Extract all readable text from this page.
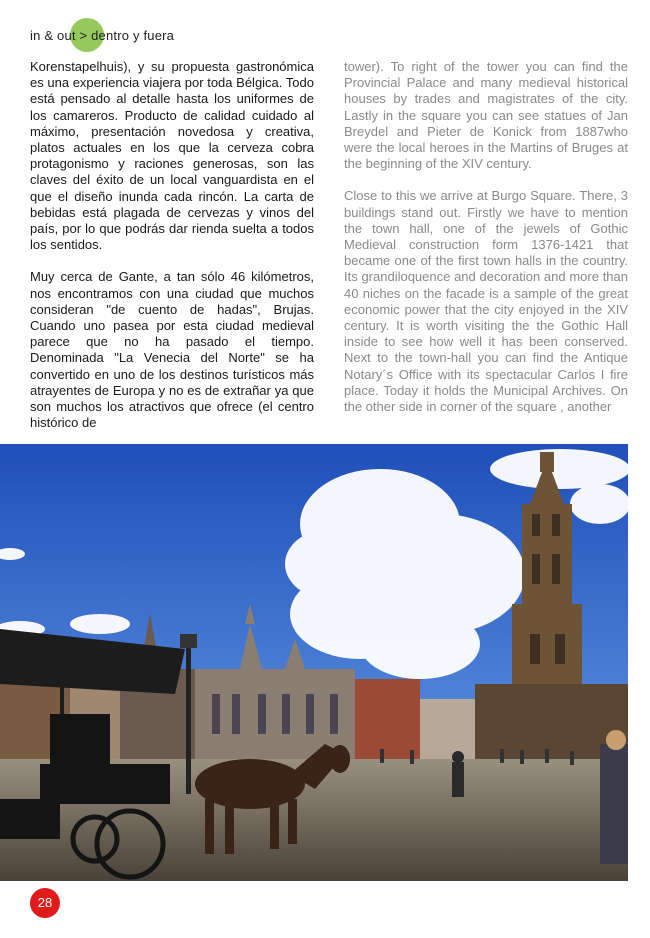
in & out > dentro y fuera

Korenstapelhuis), y su propuesta gastronómica es una experiencia viajera por toda Bélgica. Todo está pensado al detalle hasta los uniformes de los camareros. Producto de calidad cuidado al máximo, presentación novedosa y creativa, platos actuales en los que la cerveza cobra protagonismo y raciones generosas, son las claves del éxito de un local vanguardista en el que el diseño inunda cada rincón. La carta de bebidas está plagada de cervezas y vinos del país, por lo que podrás dar rienda suelta a todos los sentidos.

Muy cerca de Gante, a tan sólo 46 kilómetros, nos encontramos con una ciudad que muchos consideran "de cuento de hadas", Brujas. Cuando uno pasea por esta ciudad medieval parece que no ha pasado el tiempo. Denominada "La Venecia del Norte" se ha convertido en uno de los destinos turísticos más atrayentes de Europa y no es de extrañar ya que son muchos los atractivos que ofrece (el centro histórico de

tower). To right of the tower you can find the Provincial Palace and many medieval historical houses by trades and magistrates of the city. Lastly in the square you can see statues of Jan Breydel and Pieter de Konick from 1887who were the local heroes in the Martins of Bruges at the beginning of the XIV century.

Close to this we arrive at Burgo Square. There, 3 buildings stand out. Firstly we have to mention the town hall, one of the jewels of Gothic Medieval construction form 1376-1421 that became one of the first town halls in the country. Its grandiloquence and decoration and more than 40 niches on the facade is a sample of the great economic power that the city enjoyed in the XIV century. It is worth visiting the the Gothic Hall inside to see how well it has been conserved. Next to the town-hall you can find the Antique Notary´s Office with its spectacular Carlos I fire place. Today it holds the Municipal Archives. On the other side in corner of the square , another

28
